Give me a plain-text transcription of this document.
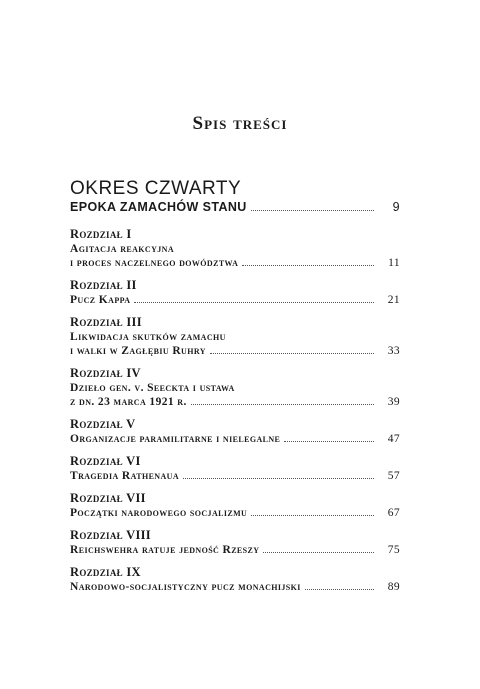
Spis treści
OKRES CZWARTY
EPOKA ZAMACHÓW STANU	9
Rozdział I
Agitacja reakcyjna
i proces naczelnego dowództwa	11
Rozdział II
Pucz Kappa	21
Rozdział III
Likwidacja skutków zamachu
i walki w Zagłębiu Ruhry	33
Rozdział IV
Dzieło gen. v. Seeckta i ustawa
z dn. 23 marca 1921 r.	39
Rozdział V
Organizacje paramilitarne i nielegalne	47
Rozdział VI
Tragedia Rathenaua	57
Rozdział VII
Początki narodowego socjalizmu	67
Rozdział VIII
Reichswehra ratuje jedność Rzeszy	75
Rozdział IX
Narodowo-socjalistyczny pucz monachijski	89
